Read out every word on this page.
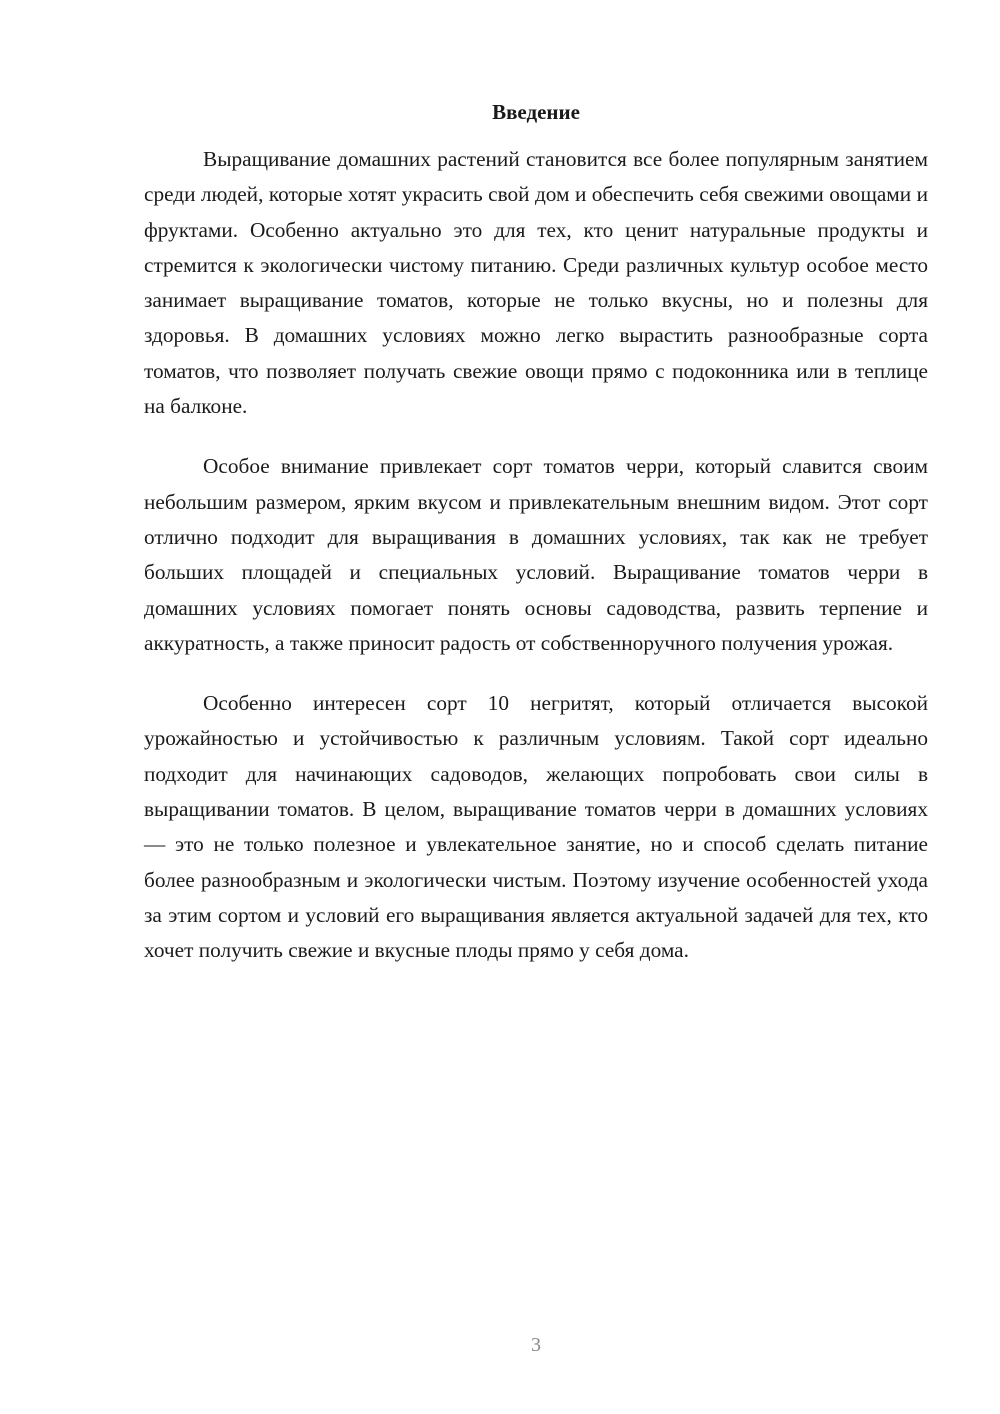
Введение

Выращивание домашних растений становится все более популярным занятием среди людей, которые хотят украсить свой дом и обеспечить себя свежими овощами и фруктами. Особенно актуально это для тех, кто ценит натуральные продукты и стремится к экологически чистому питанию. Среди различных культур особое место занимает выращивание томатов, которые не только вкусны, но и полезны для здоровья. В домашних условиях можно легко вырастить разнообразные сорта томатов, что позволяет получать свежие овощи прямо с подоконника или в теплице на балконе.

Особое внимание привлекает сорт томатов черри, который славится своим небольшим размером, ярким вкусом и привлекательным внешним видом. Этот сорт отлично подходит для выращивания в домашних условиях, так как не требует больших площадей и специальных условий. Выращивание томатов черри в домашних условиях помогает понять основы садоводства, развить терпение и аккуратность, а также приносит радость от собственноручного получения урожая.

Особенно интересен сорт 10 негритят, который отличается высокой урожайностью и устойчивостью к различным условиям. Такой сорт идеально подходит для начинающих садоводов, желающих попробовать свои силы в выращивании томатов. В целом, выращивание томатов черри в домашних условиях — это не только полезное и увлекательное занятие, но и способ сделать питание более разнообразным и экологически чистым. Поэтому изучение особенностей ухода за этим сортом и условий его выращивания является актуальной задачей для тех, кто хочет получить свежие и вкусные плоды прямо у себя дома.

3
